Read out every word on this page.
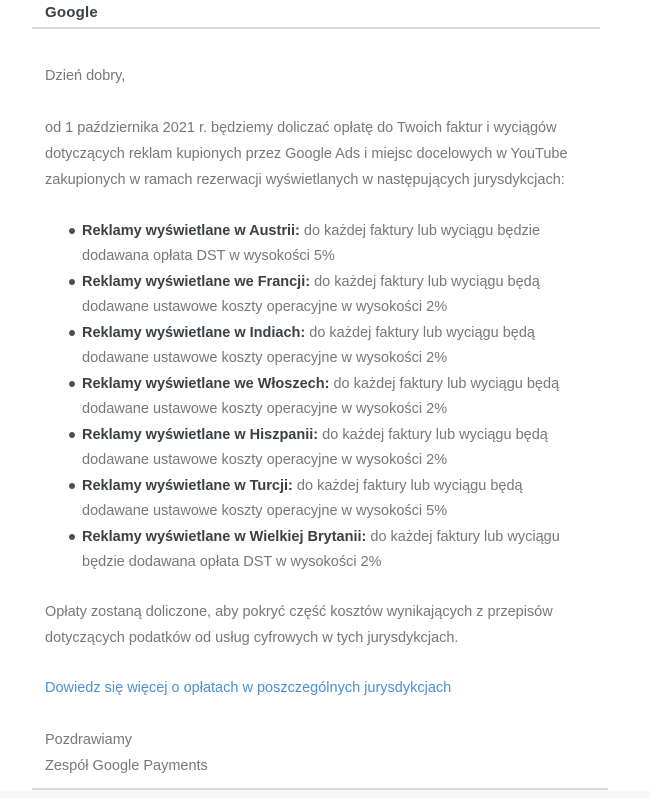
Google

Dzień dobry,

od 1 października 2021 r. będziemy doliczać opłatę do Twoich faktur i wyciągów dotyczących reklam kupionych przez Google Ads i miejsc docelowych w YouTube zakupionych w ramach rezerwacji wyświetlanych w następujących jurysdykcjach:

Reklamy wyświetlane w Austrii: do każdej faktury lub wyciągu będzie dodawana opłata DST w wysokości 5%
Reklamy wyświetlane we Francji: do każdej faktury lub wyciągu będą dodawane ustawowe koszty operacyjne w wysokości 2%
Reklamy wyświetlane w Indiach: do każdej faktury lub wyciągu będą dodawane ustawowe koszty operacyjne w wysokości 2%
Reklamy wyświetlane we Włoszech: do każdej faktury lub wyciągu będą dodawane ustawowe koszty operacyjne w wysokości 2%
Reklamy wyświetlane w Hiszpanii: do każdej faktury lub wyciągu będą dodawane ustawowe koszty operacyjne w wysokości 2%
Reklamy wyświetlane w Turcji: do każdej faktury lub wyciągu będą dodawane ustawowe koszty operacyjne w wysokości 5%
Reklamy wyświetlane w Wielkiej Brytanii: do każdej faktury lub wyciągu będzie dodawana opłata DST w wysokości 2%

Opłaty zostaną doliczone, aby pokryć część kosztów wynikających z przepisów dotyczących podatków od usług cyfrowych w tych jurysdykcjach.

Dowiedz się więcej o opłatach w poszczególnych jurysdykcjach

Pozdrawiamy

Zespół Google Payments
